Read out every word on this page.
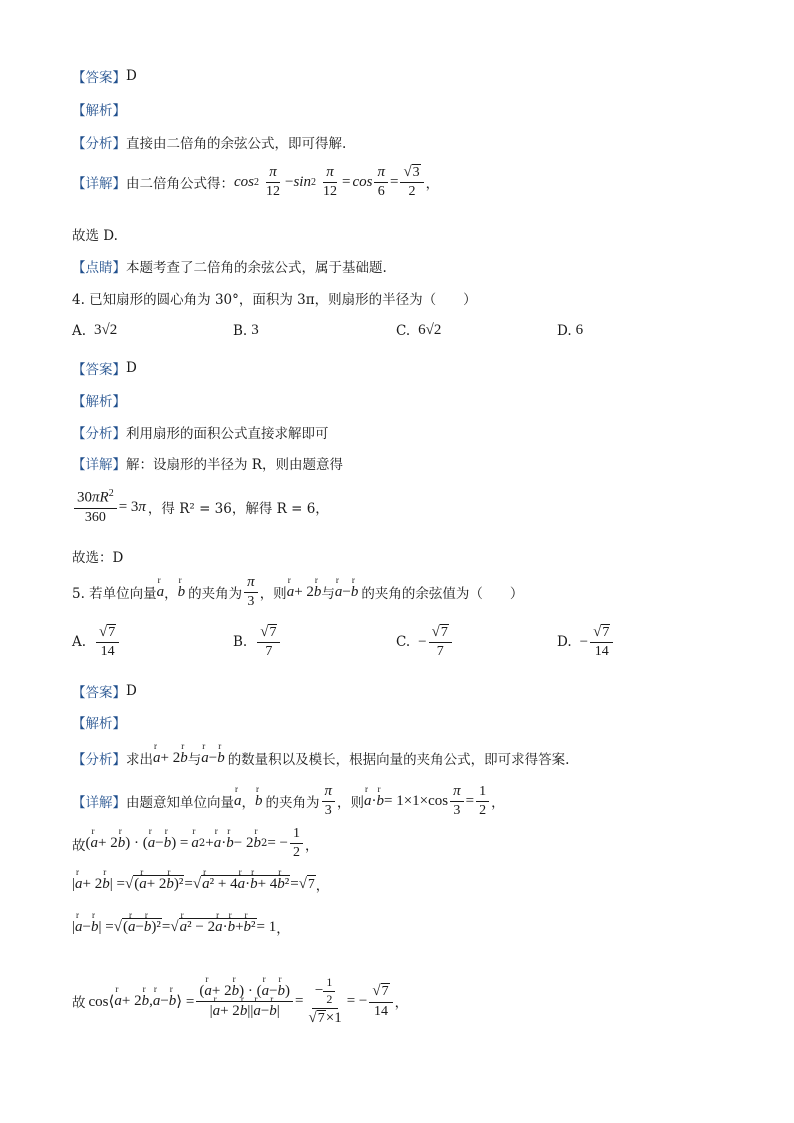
【答案】 D
【解析】
【分析】 直接由二倍角的余弦公式，即可得解.
【详解】 由二倍角公式得： $\cos 2 \frac{\pi}{12} - \sin 2 \frac{\pi}{12} = \cos \frac{\pi}{6} = \frac{√3}{2}$ ，
故选 D.
【点睛】 本题考查了二倍角的余弦公式，属于基础题.
4. 已知扇形的圆心角为 30°，面积为 3π，则扇形的半径为（　　）
A. 3√2	B. 3	C. 6√2	D. 6
【答案】 D
【解析】
【分析】 利用扇形的面积公式直接求解即可
【详解】 解：设扇形的半径为 R，则由题意得
$\frac{30\pi R^2}{360} = 3\pi$ ，得 R² = 36，解得 R = 6，
故选：D
5. 若单位向量 r a ， r b 的夹角为 $\frac{\pi}{3}$ ，则 r a + 2 r b 与 r a − r b 的夹角的余弦值为（　　）
A. $\frac{√7}{14}$	B. $\frac{√7}{7}$	C. − $\frac{√7}{7}$	D. − $\frac{√7}{14}$
【答案】 D
【解析】
【分析】 求出 r a + 2 r b 与 r a − r b 的数量积以及模长，根据向量的夹角公式，即可求得答案.
【详解】 由题意知单位向量 r a ， r b 的夹角为 $\frac{\pi}{3}$ ，则 r a · r $b = 1\times 1\times\cos \frac{\pi}{3} = \frac{1}{2}$ ，
故 ( r a + 2 r b ) · ( r a − r b ) = r a 2 + r a · r b − 2 r b 2 = − $\frac{1}{2}$ ，
| r a + 2 r b | = √(r a+ 2r b)² = √r a² + 4r a·r b+ 4r b² = √7 ，
| r a − r b | = √(r a−r b)² = √r a² − 2r a·r b+r b² = 1 ，
故 cos⟨ r a + 2 r b , r a − r b ⟩ = $\frac{\text{(r a+ 2r b) · (r a−r b)}}{\text{|r a+ 2r b||r a−r b|}} = \frac{- \frac{1}{2}}{√7\times 1}$ = − $\frac{√7}{14}$ ，
